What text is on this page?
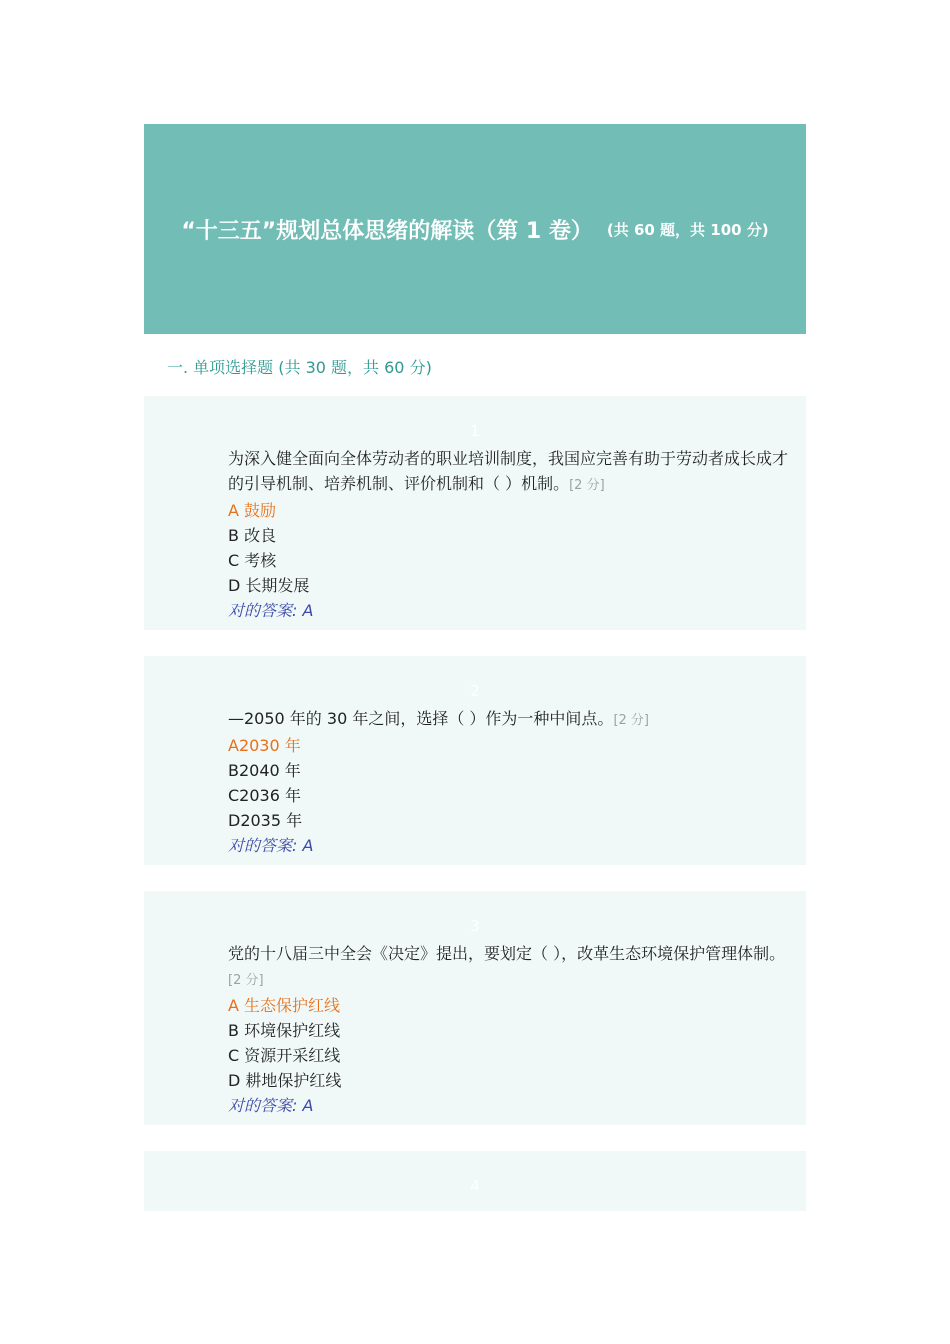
“十三五”规划总体思绪的解读（第 1 卷） (共 60 题，共 100 分)
一. 单项选择题 (共 30 题，共 60 分)
1
为深入健全面向全体劳动者的职业培训制度，我国应完善有助于劳动者成长成才的引导机制、培养机制、评价机制和（ ）机制。[2 分]
A 鼓励
B 改良
C 考核
D 长期发展
对的答案: A
2
—2050 年的 30 年之间，选择（ ）作为一种中间点。[2 分]
A2030 年
B2040 年
C2036 年
D2035 年
对的答案: A
3
党的十八届三中全会《决定》提出，要划定（ ），改革生态环境保护管理体制。[2 分]
A 生态保护红线
B 环境保护红线
C 资源开采红线
D 耕地保护红线
对的答案: A
4
